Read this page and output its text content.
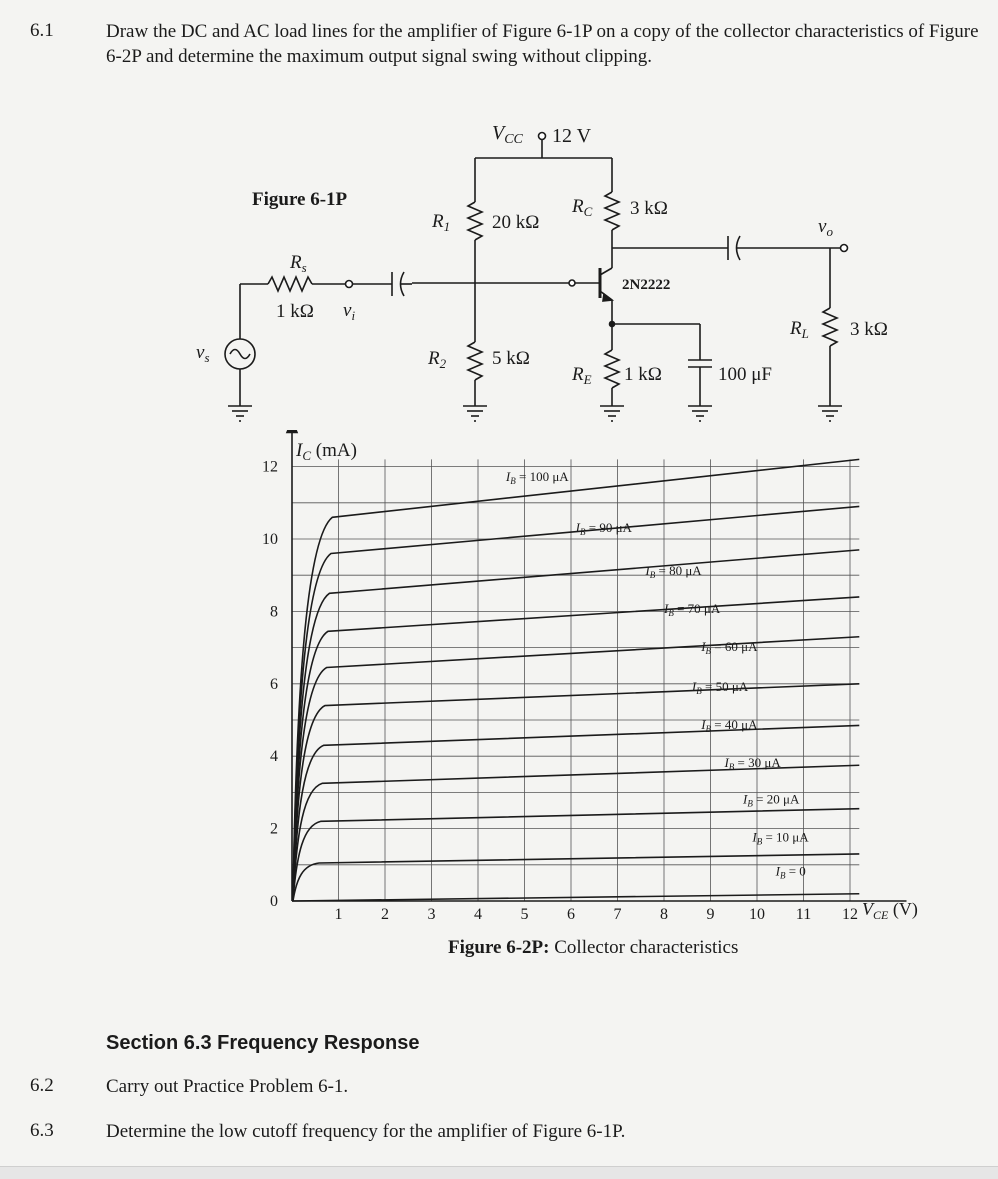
6.1	Draw the DC and AC load lines for the amplifier of Figure 6-1P on a copy of the collector characteristics of Figure 6-2P and determine the maximum output signal swing without clipping.
Figure 6-1P
$V_{CC}$ 12 V
$R_1$ 20 kΩ
$R_C$ 3 kΩ
2N2222
$R_s$
1 kΩ $v_i$
$v_s$	$R_2$ 5 kΩ
$R_E$ 1 kΩ	100 μF
$v_o$
$R_L$ 3 kΩ
1 2 3 4 5 6 7 8 9 10 11 12
0
2
4
6
8
10
12
$I_B = 0$
$I_B = 10$ μA
$I_B = 20$ μA
$I_B = 30$ μA
$I_B = 40$ μA
$I_B = 50$ μA
$I_B = 60$ μA
$I_B = 70$ μA
$I_B = 80$ μA
$I_B = 90$ μA
$I_B = 100$ μA
$I_C$ (mA)
$V_{CE}$ (V)
Figure 6-2P: Collector characteristics
Section 6.3 Frequency Response
6.2	Carry out Practice Problem 6-1.
6.3	Determine the low cutoff frequency for the amplifier of Figure 6-1P.
